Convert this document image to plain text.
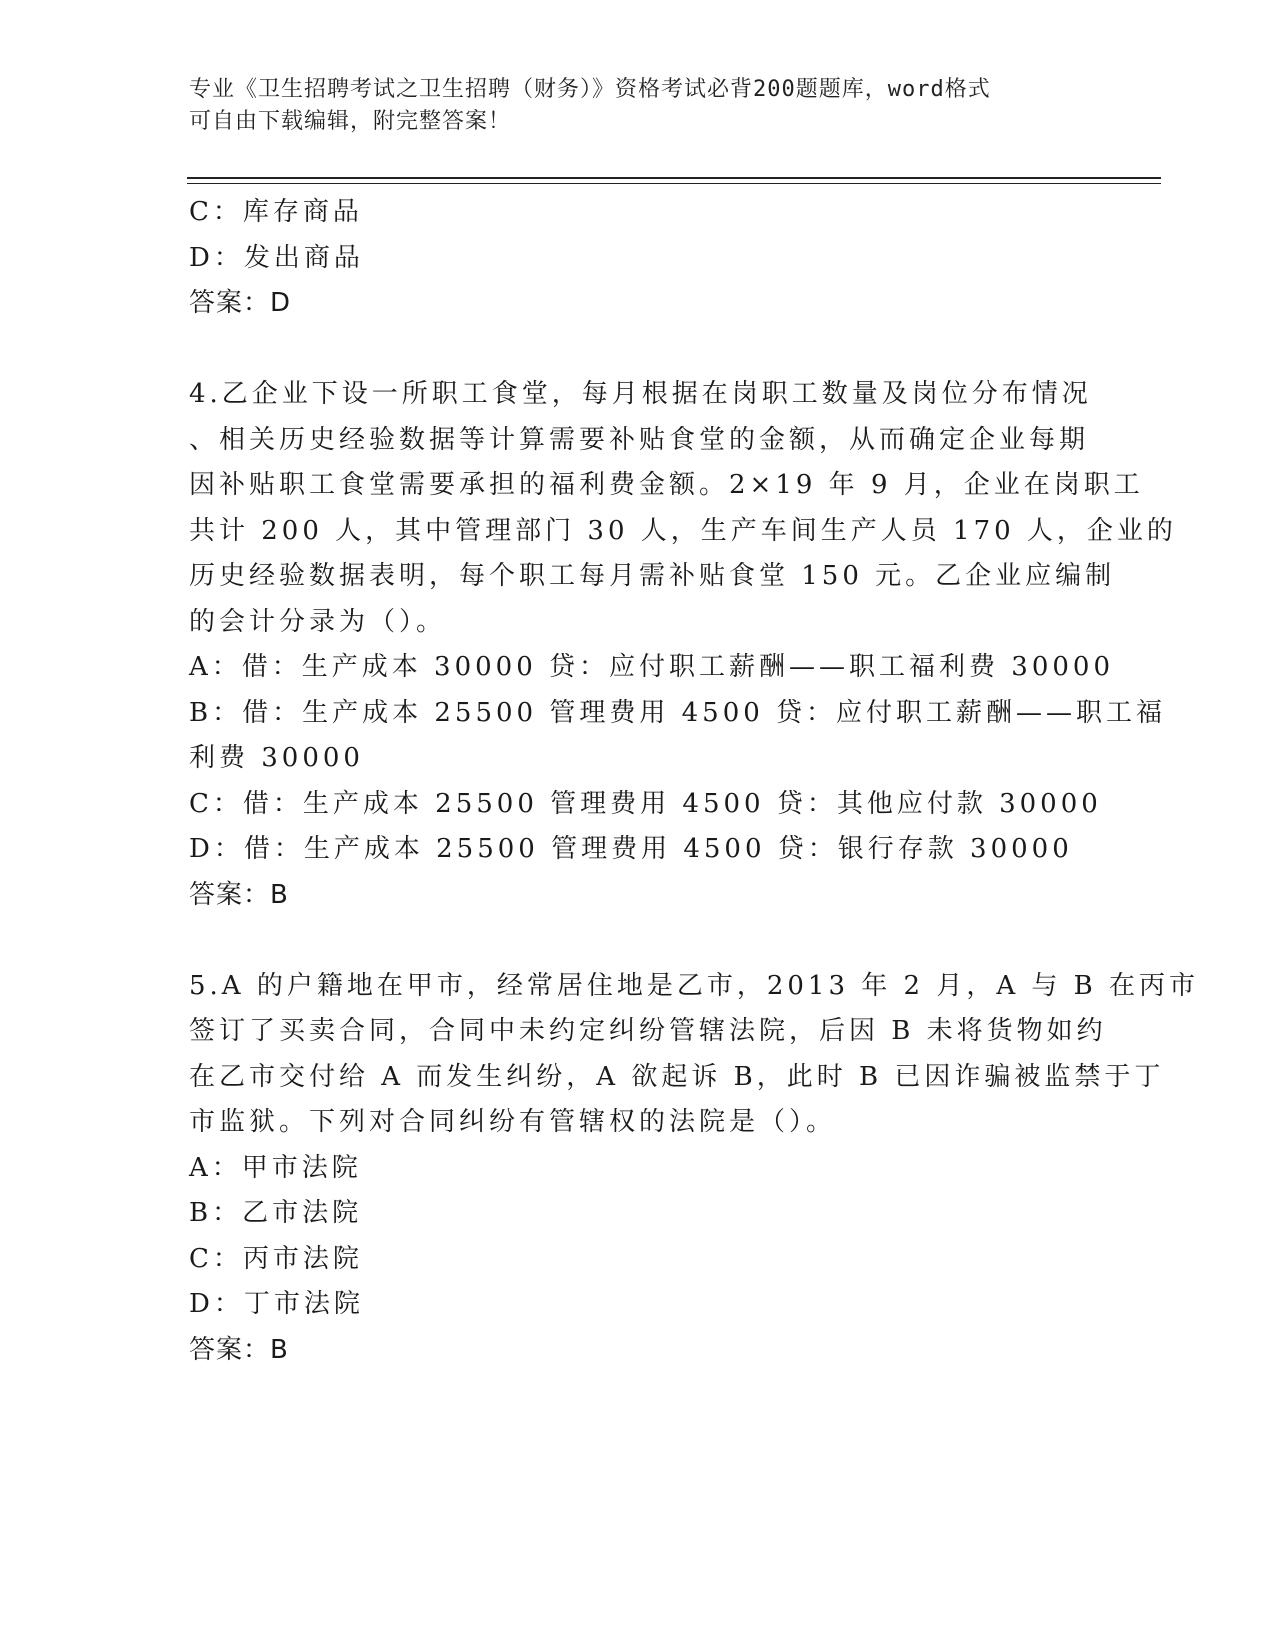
专业《卫生招聘考试之卫生招聘（财务）》资格考试必背200题题库，word格式
可自由下载编辑，附完整答案！
C：库存商品
D：发出商品
答案：D
4.乙企业下设一所职工食堂，每月根据在岗职工数量及岗位分布情况
、相关历史经验数据等计算需要补贴食堂的金额，从而确定企业每期
因补贴职工食堂需要承担的福利费金额。2×19 年 9 月，企业在岗职工
共计 200 人，其中管理部门 30 人，生产车间生产人员 170 人，企业的
历史经验数据表明，每个职工每月需补贴食堂 150 元。乙企业应编制
的会计分录为（）。
A：借：生产成本 30000 贷：应付职工薪酬——职工福利费 30000
B：借：生产成本 25500 管理费用 4500 贷：应付职工薪酬——职工福
利费 30000
C：借：生产成本 25500 管理费用 4500 贷：其他应付款 30000
D：借：生产成本 25500 管理费用 4500 贷：银行存款 30000
答案：B
5.A 的户籍地在甲市，经常居住地是乙市，2013 年 2 月，A 与 B 在丙市
签订了买卖合同，合同中未约定纠纷管辖法院，后因 B 未将货物如约
在乙市交付给 A 而发生纠纷，A 欲起诉 B，此时 B 已因诈骗被监禁于丁
市监狱。下列对合同纠纷有管辖权的法院是（）。
A：甲市法院
B：乙市法院
C：丙市法院
D：丁市法院
答案：B
